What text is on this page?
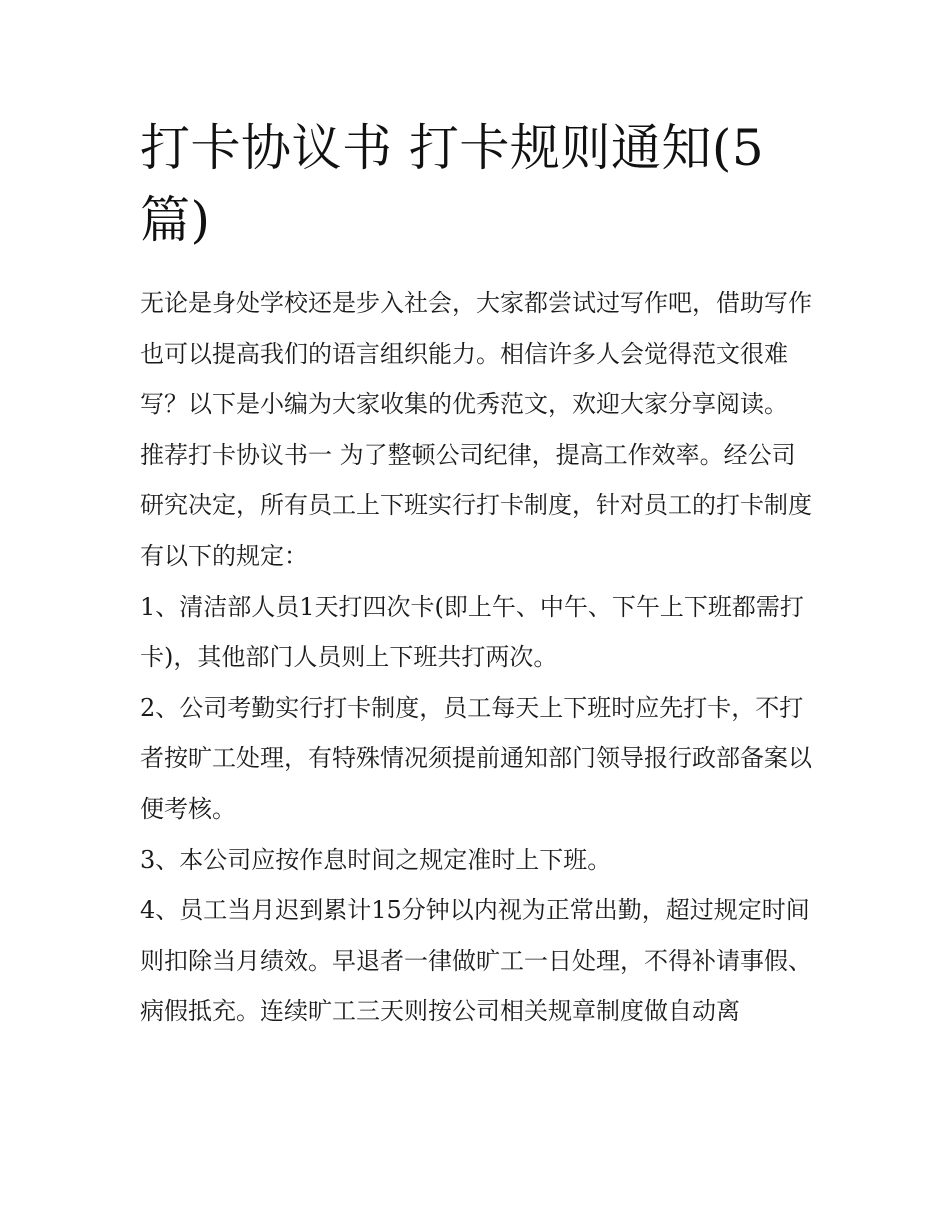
打卡协议书 打卡规则通知(5篇)

无论是身处学校还是步入社会，大家都尝试过写作吧，借助写作也可以提高我们的语言组织能力。相信许多人会觉得范文很难写？以下是小编为大家收集的优秀范文，欢迎大家分享阅读。

推荐打卡协议书一 为了整顿公司纪律，提高工作效率。经公司研究决定，所有员工上下班实行打卡制度，针对员工的打卡制度有以下的规定：

1、清洁部人员1天打四次卡(即上午、中午、下午上下班都需打卡)，其他部门人员则上下班共打两次。

2、公司考勤实行打卡制度，员工每天上下班时应先打卡，不打者按旷工处理，有特殊情况须提前通知部门领导报行政部备案以便考核。

3、本公司应按作息时间之规定准时上下班。

4、员工当月迟到累计15分钟以内视为正常出勤，超过规定时间则扣除当月绩效。早退者一律做旷工一日处理，不得补请事假、病假抵充。连续旷工三天则按公司相关规章制度做自动离
